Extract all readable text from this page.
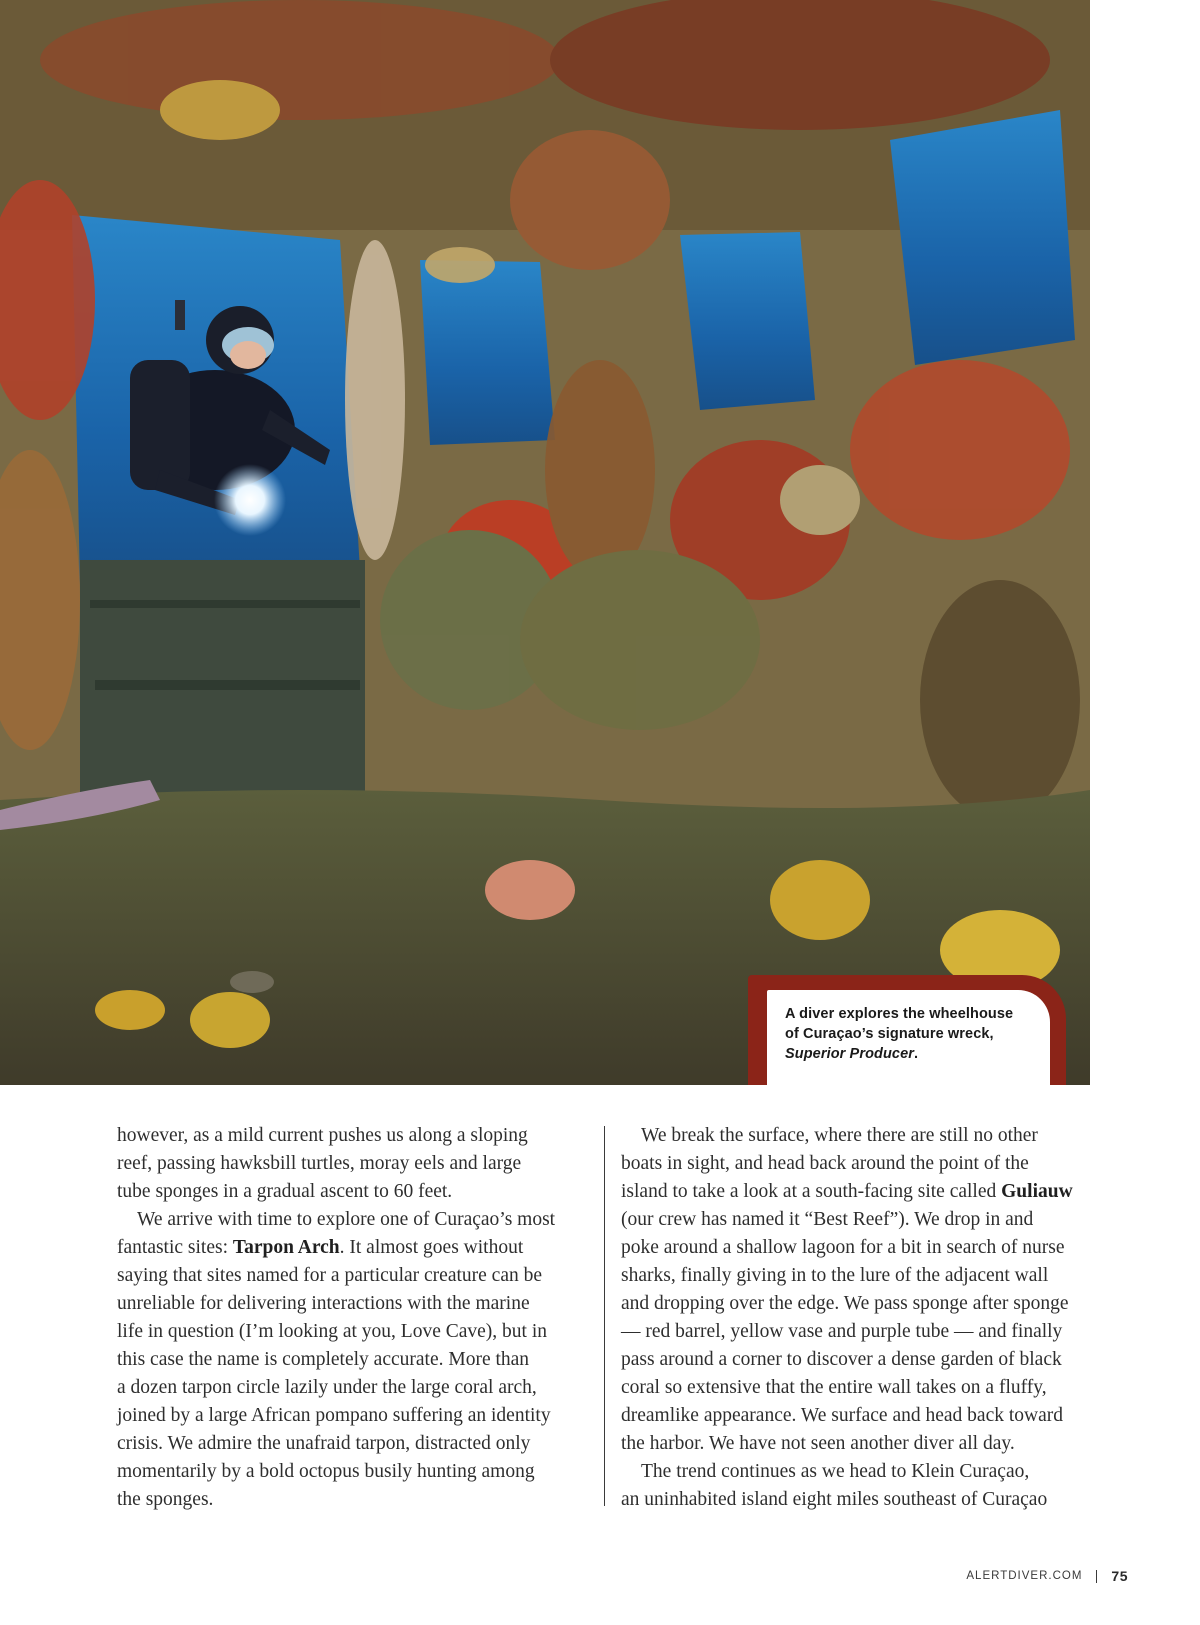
A diver explores the wheelhouse
of Curaçao’s signature wreck,
Superior Producer.

however, as a mild current pushes us along a sloping

reef, passing hawksbill turtles, moray eels and large

tube sponges in a gradual ascent to 60 feet.

We arrive with time to explore one of Curaçao’s most

fantastic sites: Tarpon Arch. It almost goes without

saying that sites named for a particular creature can be

unreliable for delivering interactions with the marine

life in question (I’m looking at you, Love Cave), but in

this case the name is completely accurate. More than

a dozen tarpon circle lazily under the large coral arch,

joined by a large African pompano suffering an identity

crisis. We admire the unafraid tarpon, distracted only

momentarily by a bold octopus busily hunting among

the sponges.

We break the surface, where there are still no other

boats in sight, and head back around the point of the

island to take a look at a south-facing site called Guliauw

(our crew has named it “Best Reef”). We drop in and

poke around a shallow lagoon for a bit in search of nurse

sharks, finally giving in to the lure of the adjacent wall

and dropping over the edge. We pass sponge after sponge

— red barrel, yellow vase and purple tube — and finally

pass around a corner to discover a dense garden of black

coral so extensive that the entire wall takes on a fluffy,

dreamlike appearance. We surface and head back toward

the harbor. We have not seen another diver all day.

The trend continues as we head to Klein Curaçao,

an uninhabited island eight miles southeast of Curaçao

ALERTDIVER.COM 75
